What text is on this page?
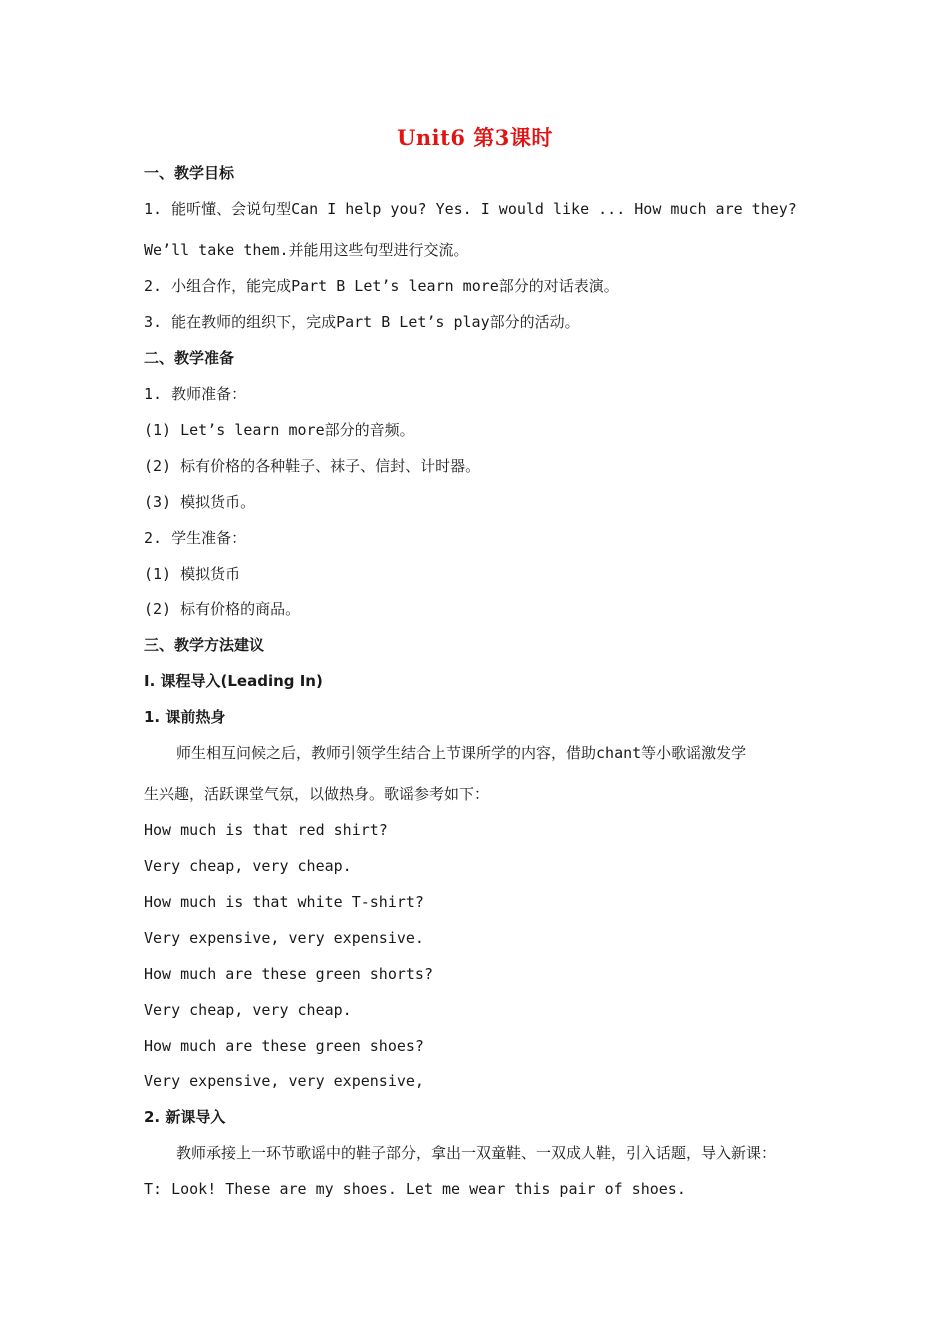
Unit6 第3课时
一、教学目标
1. 能听懂、会说句型Can I help you? Yes. I would like ... How much are they?
We’ll take them.并能用这些句型进行交流。
2. 小组合作，能完成Part B Let’s learn more部分的对话表演。
3. 能在教师的组织下，完成Part B Let’s play部分的活动。
二、教学准备
1. 教师准备：
(1) Let’s learn more部分的音频。
(2) 标有价格的各种鞋子、袜子、信封、计时器。
(3) 模拟货币。
2. 学生准备：
(1) 模拟货币
(2) 标有价格的商品。
三、教学方法建议
I. 课程导入(Leading In)
1. 课前热身
师生相互问候之后，教师引领学生结合上节课所学的内容，借助chant等小歌谣激发学
生兴趣，活跃课堂气氛，以做热身。歌谣参考如下：
How much is that red shirt?
Very cheap, very cheap.
How much is that white T-shirt?
Very expensive, very expensive.
How much are these green shorts?
Very cheap, very cheap.
How much are these green shoes?
Very expensive, very expensive,
2. 新课导入
教师承接上一环节歌谣中的鞋子部分，拿出一双童鞋、一双成人鞋，引入话题，导入新课：
T: Look! These are my shoes. Let me wear this pair of shoes.
